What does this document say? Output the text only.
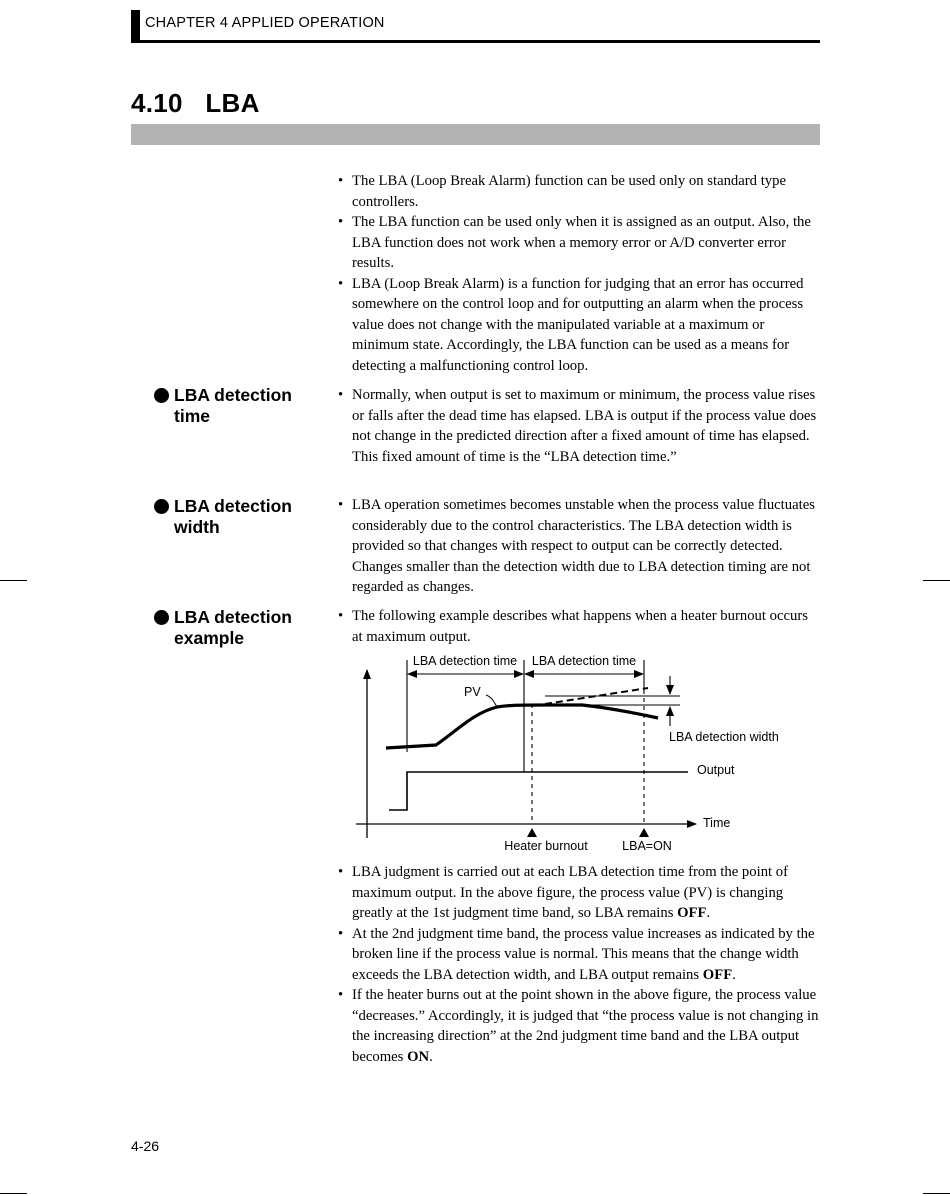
CHAPTER 4 APPLIED OPERATION
4.10   LBA
• The LBA (Loop Break Alarm) function can be used only on standard type controllers.
• The LBA function can be used only when it is assigned as an output. Also, the LBA function does not work when a memory error or A/D converter error results.
• LBA (Loop Break Alarm) is a function for judging that an error has occurred somewhere on the control loop and for outputting an alarm when the process value does not change with the manipulated variable at a maximum or minimum state. Accordingly, the LBA function can be used as a means for detecting a malfunctioning control loop.
LBA detection
time
• Normally, when output is set to maximum or minimum, the process value rises or falls after the dead time has elapsed. LBA is output if the process value does not change in the predicted direction after a fixed amount of time has elapsed. This fixed amount of time is the “LBA detection time.”
LBA detection
width
• LBA operation sometimes becomes unstable when the process value fluctuates considerably due to the control characteristics. The LBA detection width is provided so that changes with respect to output can be correctly detected. Changes smaller than the detection width due to LBA detection timing are not regarded as changes.
LBA detection
example
• The following example describes what happens when a heater burnout occurs at maximum output.
LBA detection time LBA detection time
PV
LBA detection width
Output
Time
Heater burnout	LBA=ON
• LBA judgment is carried out at each LBA detection time from the point of maximum output. In the above figure, the process value (PV) is changing greatly at the 1st judgment time band, so LBA remains OFF.
• At the 2nd judgment time band, the process value increases as indicated by the broken line if the process value is normal. This means that the change width exceeds the LBA detection width, and LBA output remains OFF.
• If the heater burns out at the point shown in the above figure, the process value “decreases.” Accordingly, it is judged that “the process value is not changing in the increasing direction” at the 2nd judgment time band and the LBA output becomes ON.
4-26
